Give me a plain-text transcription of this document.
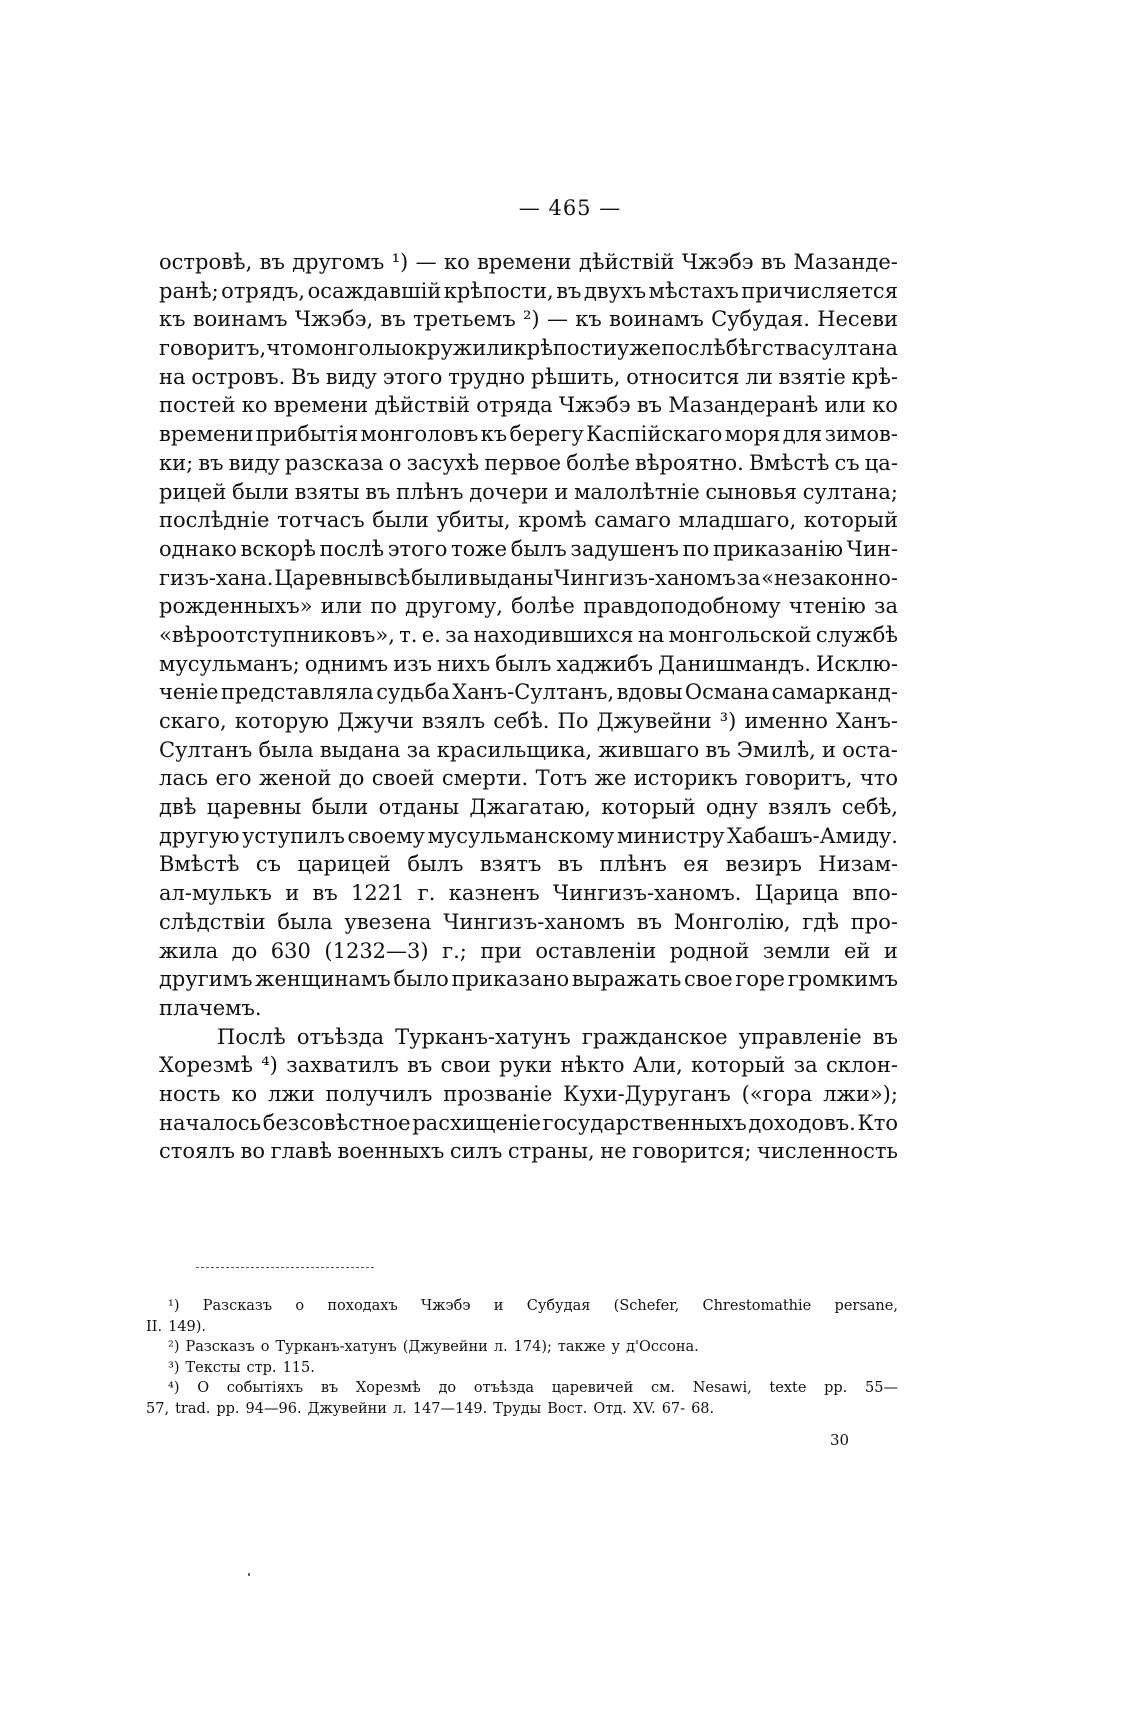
— 465 —
островѣ, въ другомъ ¹) — ко времени дѣйствій Чжэбэ въ Мазанде-
ранѣ; отрядъ, осаждавшій крѣпости, въ двухъ мѣстахъ причисляется
къ воинамъ Чжэбэ, въ третьемъ ²) — къ воинамъ Субудая. Несеви
говоритъ, что монголы окружили крѣпости уже послѣ бѣгства султана
на островъ. Въ виду этого трудно рѣшить, относится ли взятіе крѣ-
постей ко времени дѣйствій отряда Чжэбэ въ Мазандеранѣ или ко
времени прибытія монголовъ къ берегу Каспійскаго моря для зимов-
ки; въ виду разсказа о засухѣ первое болѣе вѣроятно. Вмѣстѣ съ ца-
рицей были взяты въ плѣнъ дочери и малолѣтніе сыновья султана;
послѣдніе тотчасъ были убиты, кромѣ самаго младшаго, который
однако вскорѣ послѣ этого тоже былъ задушенъ по приказанію Чин-
гизъ-хана. Царевны всѣ были выданы Чингизъ-ханомъ за «незаконно-
рожденныхъ» или по другому, болѣе правдоподобному чтенію за
«вѣроотступниковъ», т. е. за находившихся на монгольской службѣ
мусульманъ; однимъ изъ нихъ былъ хаджибъ Данишмандъ. Исклю-
ченіе представляла судьба Ханъ-Султанъ, вдовы Османа самарканд-
скаго, которую Джучи взялъ себѣ. По Джувейни ³) именно Ханъ-
Султанъ была выдана за красильщика, жившаго въ Эмилѣ, и оста-
лась его женой до своей смерти. Тотъ же историкъ говоритъ, что
двѣ царевны были отданы Джагатаю, который одну взялъ себѣ,
другую уступилъ своему мусульманскому министру Хабашъ-Амиду.
Вмѣстѣ съ царицей былъ взятъ въ плѣнъ ея везиръ Низам-
ал-мулькъ и въ 1221 г. казненъ Чингизъ-ханомъ. Царица впо-
слѣдствіи была увезена Чингизъ-ханомъ въ Монголію, гдѣ про-
жила до 630 (1232—3) г.; при оставленіи родной земли ей и
другимъ женщинамъ было приказано выражать свое горе громкимъ
плачемъ.
Послѣ отъѣзда Турканъ-хатунъ гражданское управленіе въ
Хорезмѣ ⁴) захватилъ въ свои руки нѣкто Али, который за склон-
ность ко лжи получилъ прозваніе Кухи-Дуруганъ («гора лжи»);
началось безсовѣстное расхищеніе государственныхъ доходовъ. Кто
стоялъ во главѣ военныхъ силъ страны, не говорится; численность
¹) Разсказъ о походахъ Чжэбэ и Субудая (Schefer, Chrestomathie persane,
II. 149).
²) Разсказъ о Турканъ-хатунъ (Джувейни л. 174); также у д'Оссона.
³) Тексты стр. 115.
⁴) О событіяхъ въ Хорезмѣ до отъѣзда царевичей см. Nesawi, texte pp. 55—
57, trad. pp. 94—96. Джувейни л. 147—149. Труды Вост. Отд. XV. 67- 68.
30
